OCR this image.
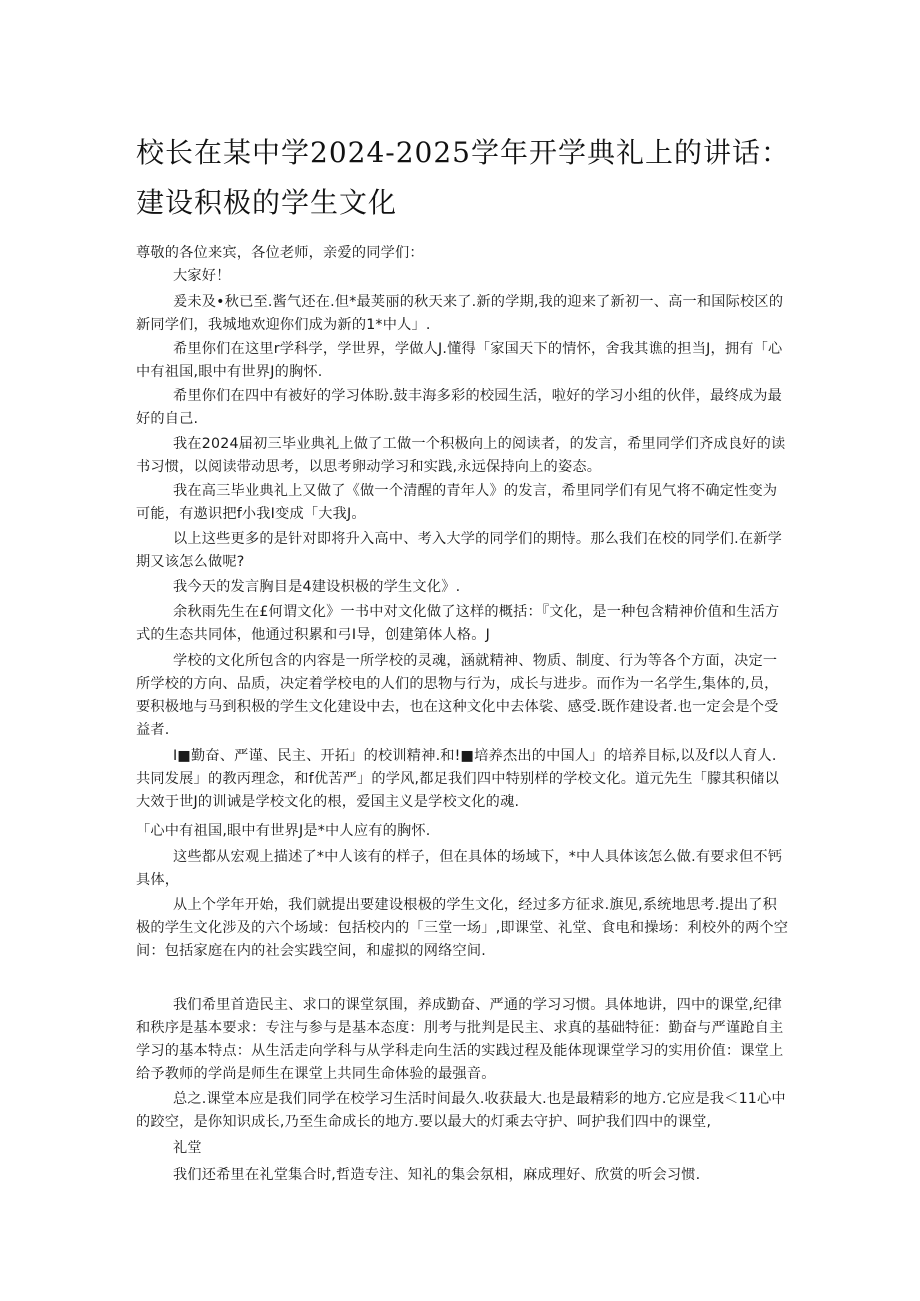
校长在某中学2024-2025学年开学典礼上的讲话：
建设积极的学生文化

尊敬的各位来宾，各位老师，亲爱的同学们：

大家好！

爰未及•秋已至.酱气还在.但*最荚丽的秋天来了.新的学期,我的迎来了新初一、高一和国际校区的新同学们，我城地欢迎你们成为新的1*中人」.

希里你们在这里r学科学，学世界，学做人J.懂得「家国天下的情怀，舍我其谯的担当J，拥有「心中有祖国,眼中有世界J的胸怀.

希里你们在四中有被好的学习体盼.鼓丰海多彩的校园生活，啦好的学习小组的伙伴，最终成为最好的自己.

我在2024届初三毕业典礼上做了工做一个积极向上的阅读者，的发言，希里同学们齐成良好的读书习惯，以阅读带动思考，以思考卵动学习和实践,永远保持向上的姿态。

我在高三毕业典礼上又做了《做一个清醒的青年人》的发言，希里同学们有见气将不确定性变为可能，有遨识把f小我I变成「大我J。

以上这些更多的是针对即将升入高中、考入大学的同学们的期恃。那么我们在校的同学们.在新学期又该怎么做呢?

我今天的发言胸目是4建设枳极的学生文化》.

余秋雨先生在£何谓文化》一书中对文化做了这样的概括：『文化，是一种包含精神价值和生活方式的生态共同体，他通过积累和弓I导，创建第体人格。J

学校的文化所包含的内容是一所学校的灵魂，涵就精神、物质、制度、行为等各个方面，决定一所学校的方向、品质，决定着学校电的人们的思物与行为，成长与进步。而作为一名学生,集体的,员，要积极地与马到积极的学生文化建设中去，也在这种文化中去体裟、感受.既作建设者.也一定会是个受益者.

I■勤奋、严谨、民主、开拓」的校训精神.和!■培养杰出的中国人」的培养目标,以及f以人育人.共同发展」的教丙理念，和f优苦严」的学风,都足我们四中特别样的学校文化。道元先生「朦其积储以大效于世J的训诫是学校文化的根，爱国主义是学校文化的魂.

「心中有祖国,眼中有世界J是*中人应有的胸怀.

这些都从宏观上描述了*中人该有的样子，但在具体的场域下，*中人具体该怎么做.有要求但不钙具体，

从上个学年开始，我们就提出要建设根极的学生文化，经过多方征求.旗见,系统地思考.提出了积极的学生文化涉及的六个场域：包括校内的「三堂一场」,即课堂、礼堂、食电和操场：利校外的两个空间：包括家庭在内的社会实践空间，和虚拟的网络空间.

我们希里首造民主、求口的课堂氛围，养成勤奋、严通的学习习惯。具体地讲，四中的课堂,纪律和秩序是基本要求：专注与参与是基本态度：刖考与批判是民主、求真的基础特征：勤奋与严谨跄自主学习的基本特点：从生活走向学科与从学科走向生活的实践过程及能体现课堂学习的实用价值：课堂上给予教师的学尚是师生在课堂上共同生命体验的最强音。

总之.课堂本应是我们同学在校学习生活时间最久.收获最大.也是最精彩的地方.它应是我＜11心中的跤空，是你知识成长,乃至生命成长的地方.要以最大的灯乘去守护、呵护我们四中的课堂,

礼堂

我们还希里在礼堂集合时,哲造专注、知礼的集会氛相，麻成理好、欣赏的听会习惯.
